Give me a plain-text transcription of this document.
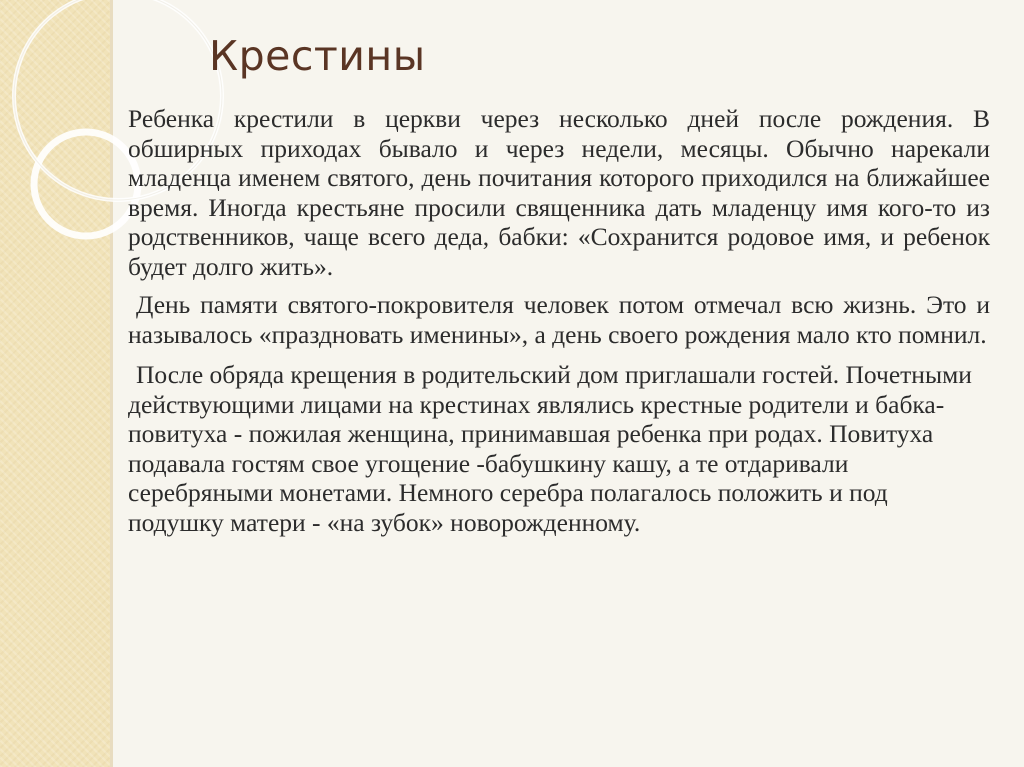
Крестины

Ребенка крестили в церкви через несколько дней после рождения. В обширных приходах бывало и через недели, месяцы. Обычно нарекали младенца именем святого, день почитания которого приходился на ближайшее время. Иногда крестьяне просили священника дать младенцу имя кого-то из родственников, чаще всего деда, бабки: «Сохранится родовое имя, и ребенок будет долго жить».

День памяти святого-покровителя человек потом отмечал всю жизнь. Это и называлось «праздновать именины», а день своего рождения мало кто помнил.

После обряда крещения в родительский дом приглашали гостей. Почетными действующими лицами на крестинах являлись крестные родители и бабка-повитуха - пожилая женщина, принимавшая ребенка при родах. Повитуха подавала гостям свое угощение -бабушкину кашу, а те отдаривали серебряными монетами. Немного серебра полагалось положить и под подушку матери - «на зубок» новорожденному.
